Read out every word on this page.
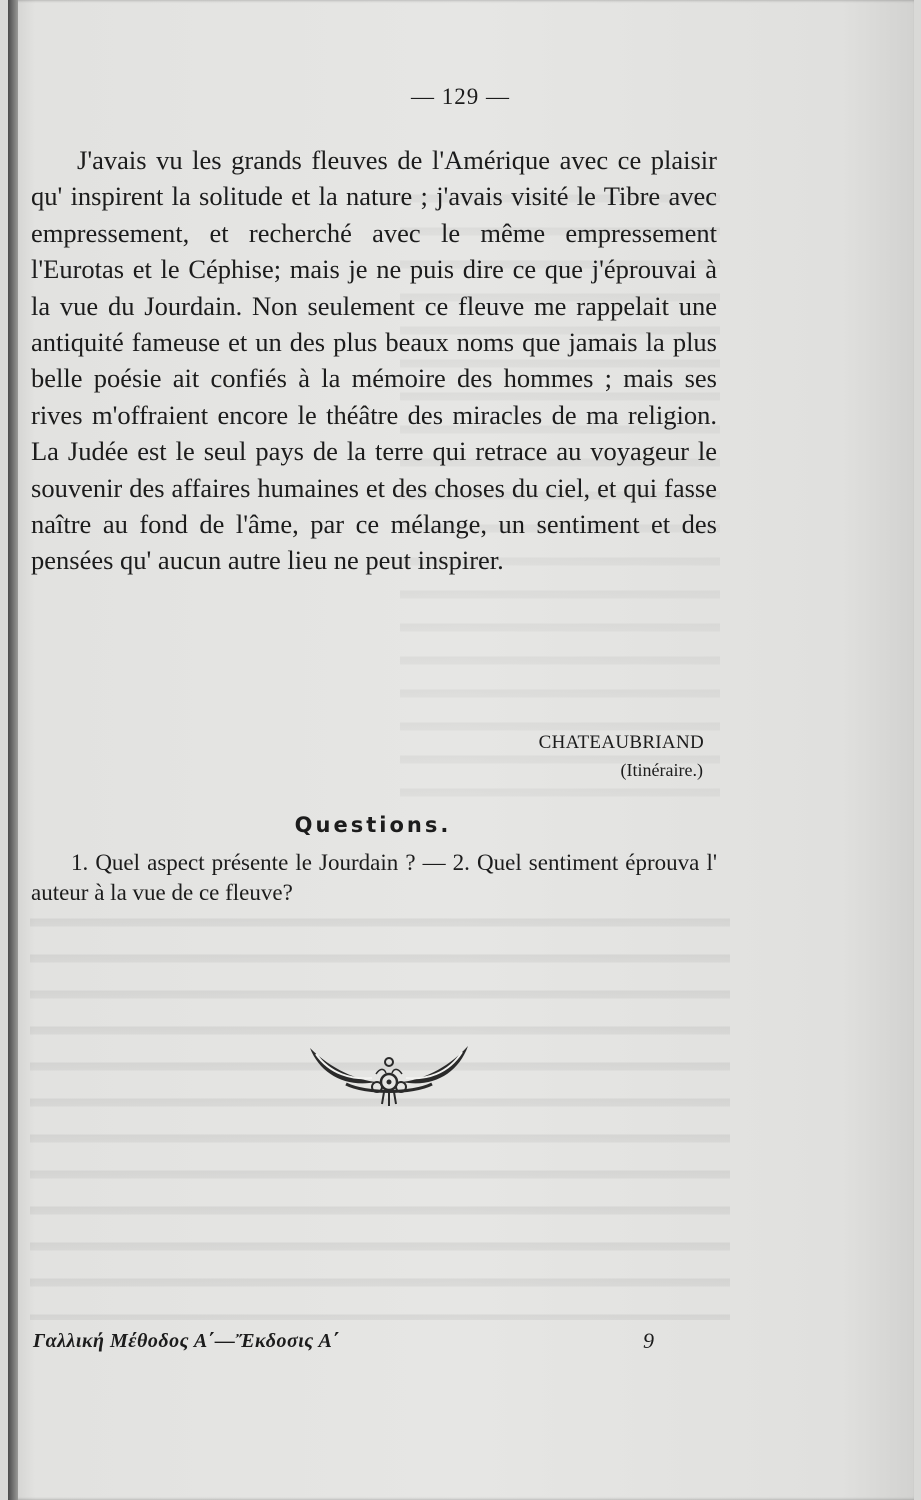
— 129 —

J'avais vu les grands fleuves de l'Amérique avec ce plaisir qu' inspirent la solitude et la nature ; j'avais visité le Tibre avec empressement, et recherché avec le même empressement l'Eurotas et le Céphise; mais je ne puis dire ce que j'éprouvai à la vue du Jourdain. Non seulement ce fleuve me rappelait une antiquité fameuse et un des plus beaux noms que jamais la plus belle poésie ait confiés à la mémoire des hommes ; mais ses rives m'offraient encore le théâtre des miracles de ma religion. La Judée est le seul pays de la terre qui retrace au voyageur le souvenir des affaires humaines et des choses du ciel, et qui fasse naître au fond de l'âme, par ce mélange, un sentiment et des pensées qu' aucun autre lieu ne peut inspirer.

CHATEAUBRIAND
(Itinéraire.)
Questions.

1. Quel aspect présente le Jourdain ? — 2. Quel sentiment éprouva l' auteur à la vue de ce fleuve?

Γαλλική Μέθοδος Α΄—Ἔκδοσις Α΄	9
